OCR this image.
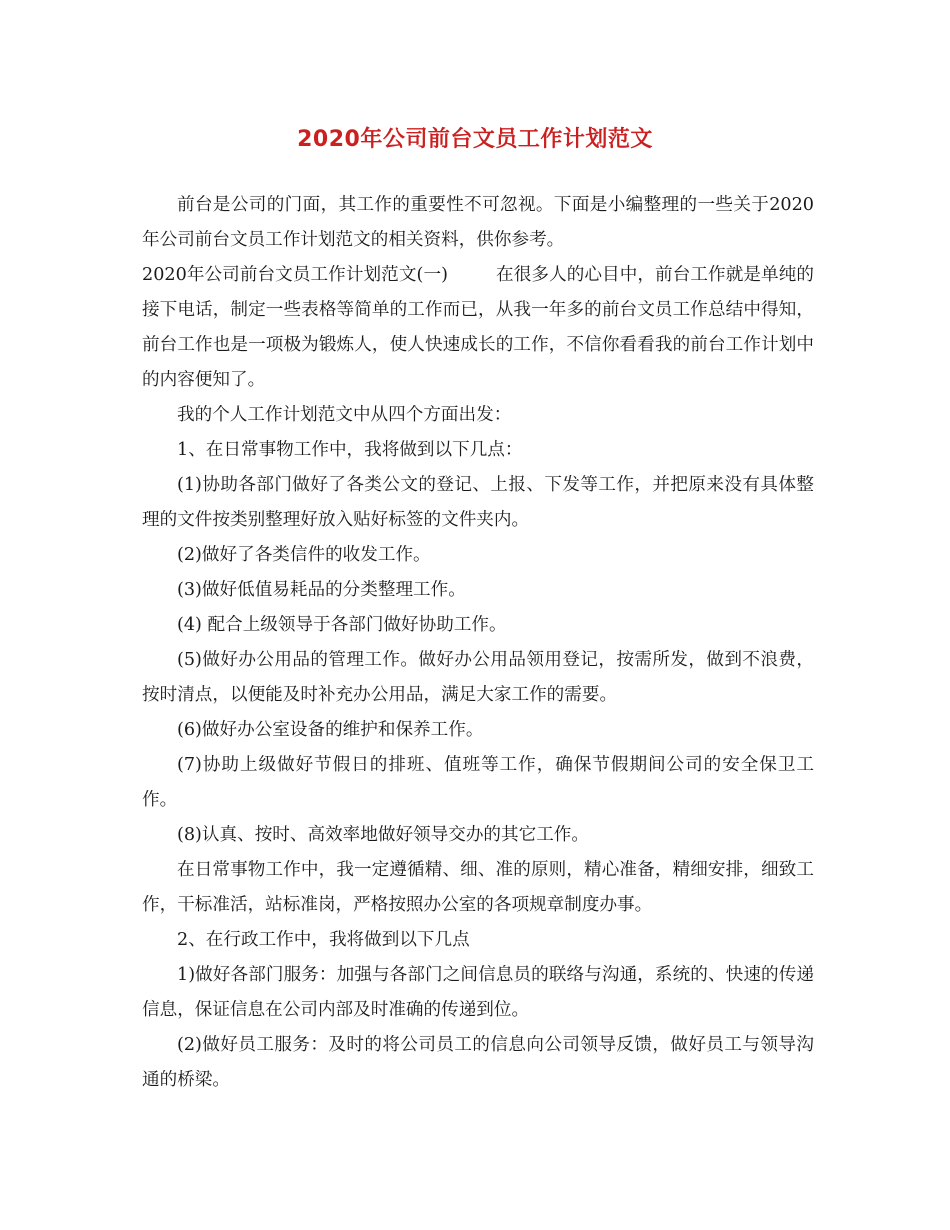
2020年公司前台文员工作计划范文

前台是公司的门面，其工作的重要性不可忽视。下面是小编整理的一些关于2020年公司前台文员工作计划范文的相关资料，供你参考。

2020年公司前台文员工作计划范文(一)	在很多人的心目中，前台工作就是单纯的接下电话，制定一些表格等简单的工作而已，从我一年多的前台文员工作总结中得知，前台工作也是一项极为锻炼人，使人快速成长的工作，不信你看看我的前台工作计划中的内容便知了。

我的个人工作计划范文中从四个方面出发：

1、在日常事物工作中，我将做到以下几点：

(1)协助各部门做好了各类公文的登记、上报、下发等工作，并把原来没有具体整理的文件按类别整理好放入贴好标签的文件夹内。

(2)做好了各类信件的收发工作。

(3)做好低值易耗品的分类整理工作。

(4) 配合上级领导于各部门做好协助工作。

(5)做好办公用品的管理工作。做好办公用品领用登记，按需所发，做到不浪费，按时清点，以便能及时补充办公用品，满足大家工作的需要。

(6)做好办公室设备的维护和保养工作。

(7)协助上级做好节假日的排班、值班等工作，确保节假期间公司的安全保卫工作。

(8)认真、按时、高效率地做好领导交办的其它工作。

在日常事物工作中，我一定遵循精、细、准的原则，精心准备，精细安排，细致工作，干标准活，站标准岗，严格按照办公室的各项规章制度办事。

2、在行政工作中，我将做到以下几点

1)做好各部门服务：加强与各部门之间信息员的联络与沟通，系统的、快速的传递信息，保证信息在公司内部及时准确的传递到位。

(2)做好员工服务：及时的将公司员工的信息向公司领导反馈，做好员工与领导沟通的桥梁。
